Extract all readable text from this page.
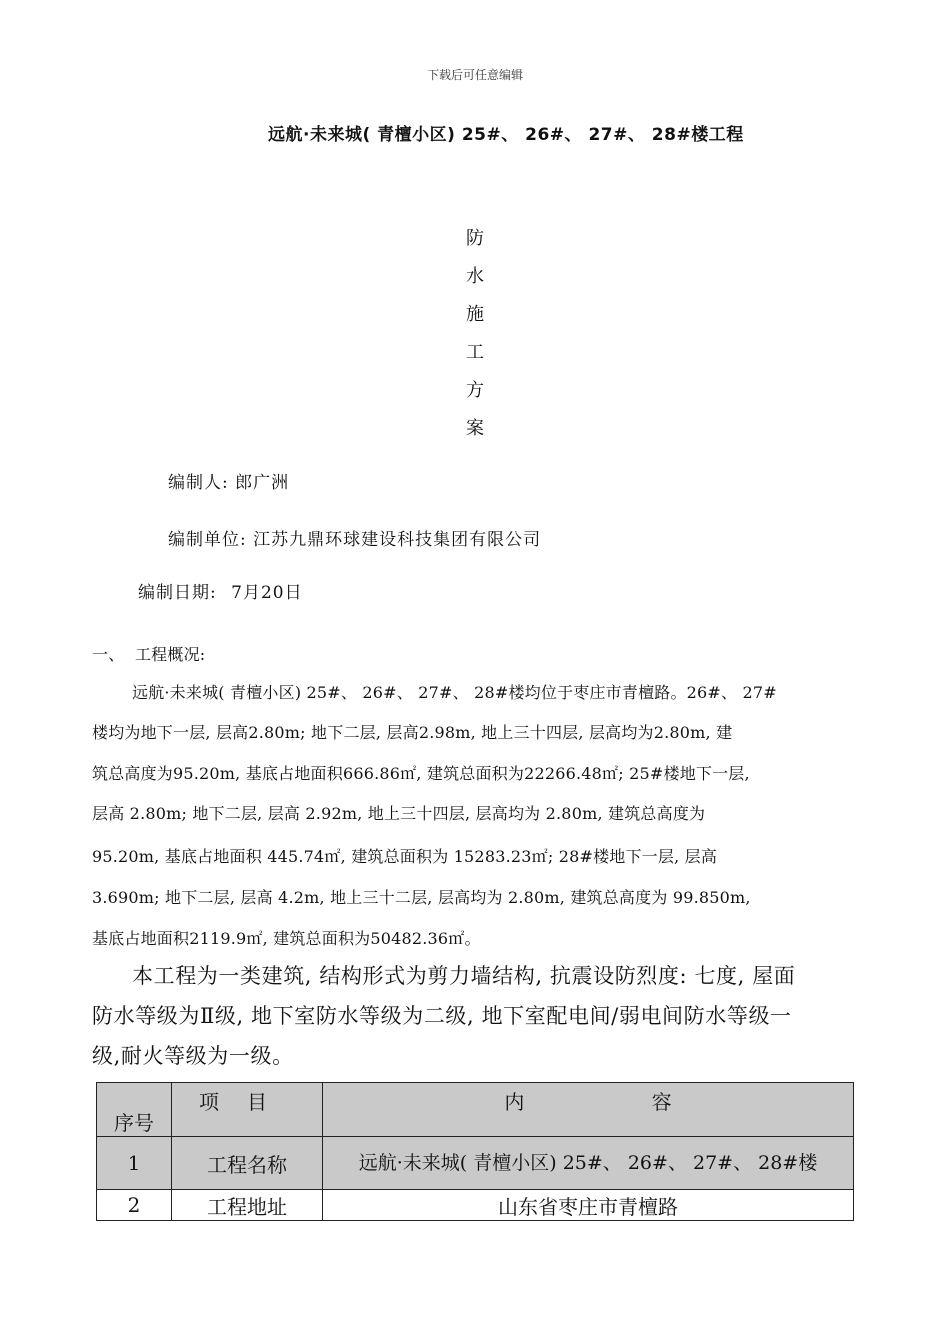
下载后可任意编辑
远航·未来城( 青檀小区) 25#、 26#、 27#、 28#楼工程
防
水
施
工
方
案
编制人: 郎广洲
编制单位: 江苏九鼎环球建设科技集团有限公司
编制日期: 7月20日
一、  工程概况:
远航·未来城( 青檀小区) 25#、 26#、 27#、 28#楼均位于枣庄市青檀路。26#、 27#
楼均为地下一层, 层高2.80m; 地下二层, 层高2.98m, 地上三十四层, 层高均为2.80m, 建
筑总高度为95.20m, 基底占地面积666.86㎡, 建筑总面积为22266.48㎡; 25#楼地下一层,
层高 2.80m; 地下二层, 层高 2.92m, 地上三十四层, 层高均为 2.80m, 建筑总高度为
95.20m, 基底占地面积 445.74㎡, 建筑总面积为 15283.23㎡; 28#楼地下一层, 层高
3.690m; 地下二层, 层高 4.2m, 地上三十二层, 层高均为 2.80m, 建筑总高度为 99.850m,
基底占地面积2119.9㎡, 建筑总面积为50482.36㎡。
本工程为一类建筑, 结构形式为剪力墙结构, 抗震设防烈度: 七度, 屋面
防水等级为Ⅱ级, 地下室防水等级为二级, 地下室配电间/弱电间防水等级一
级,耐火等级为一级。
序号	项目	内                    容

1	工程名称	远航·未来城( 青檀小区) 25#、 26#、 27#、 28#楼

2	工程地址	山东省枣庄市青檀路
